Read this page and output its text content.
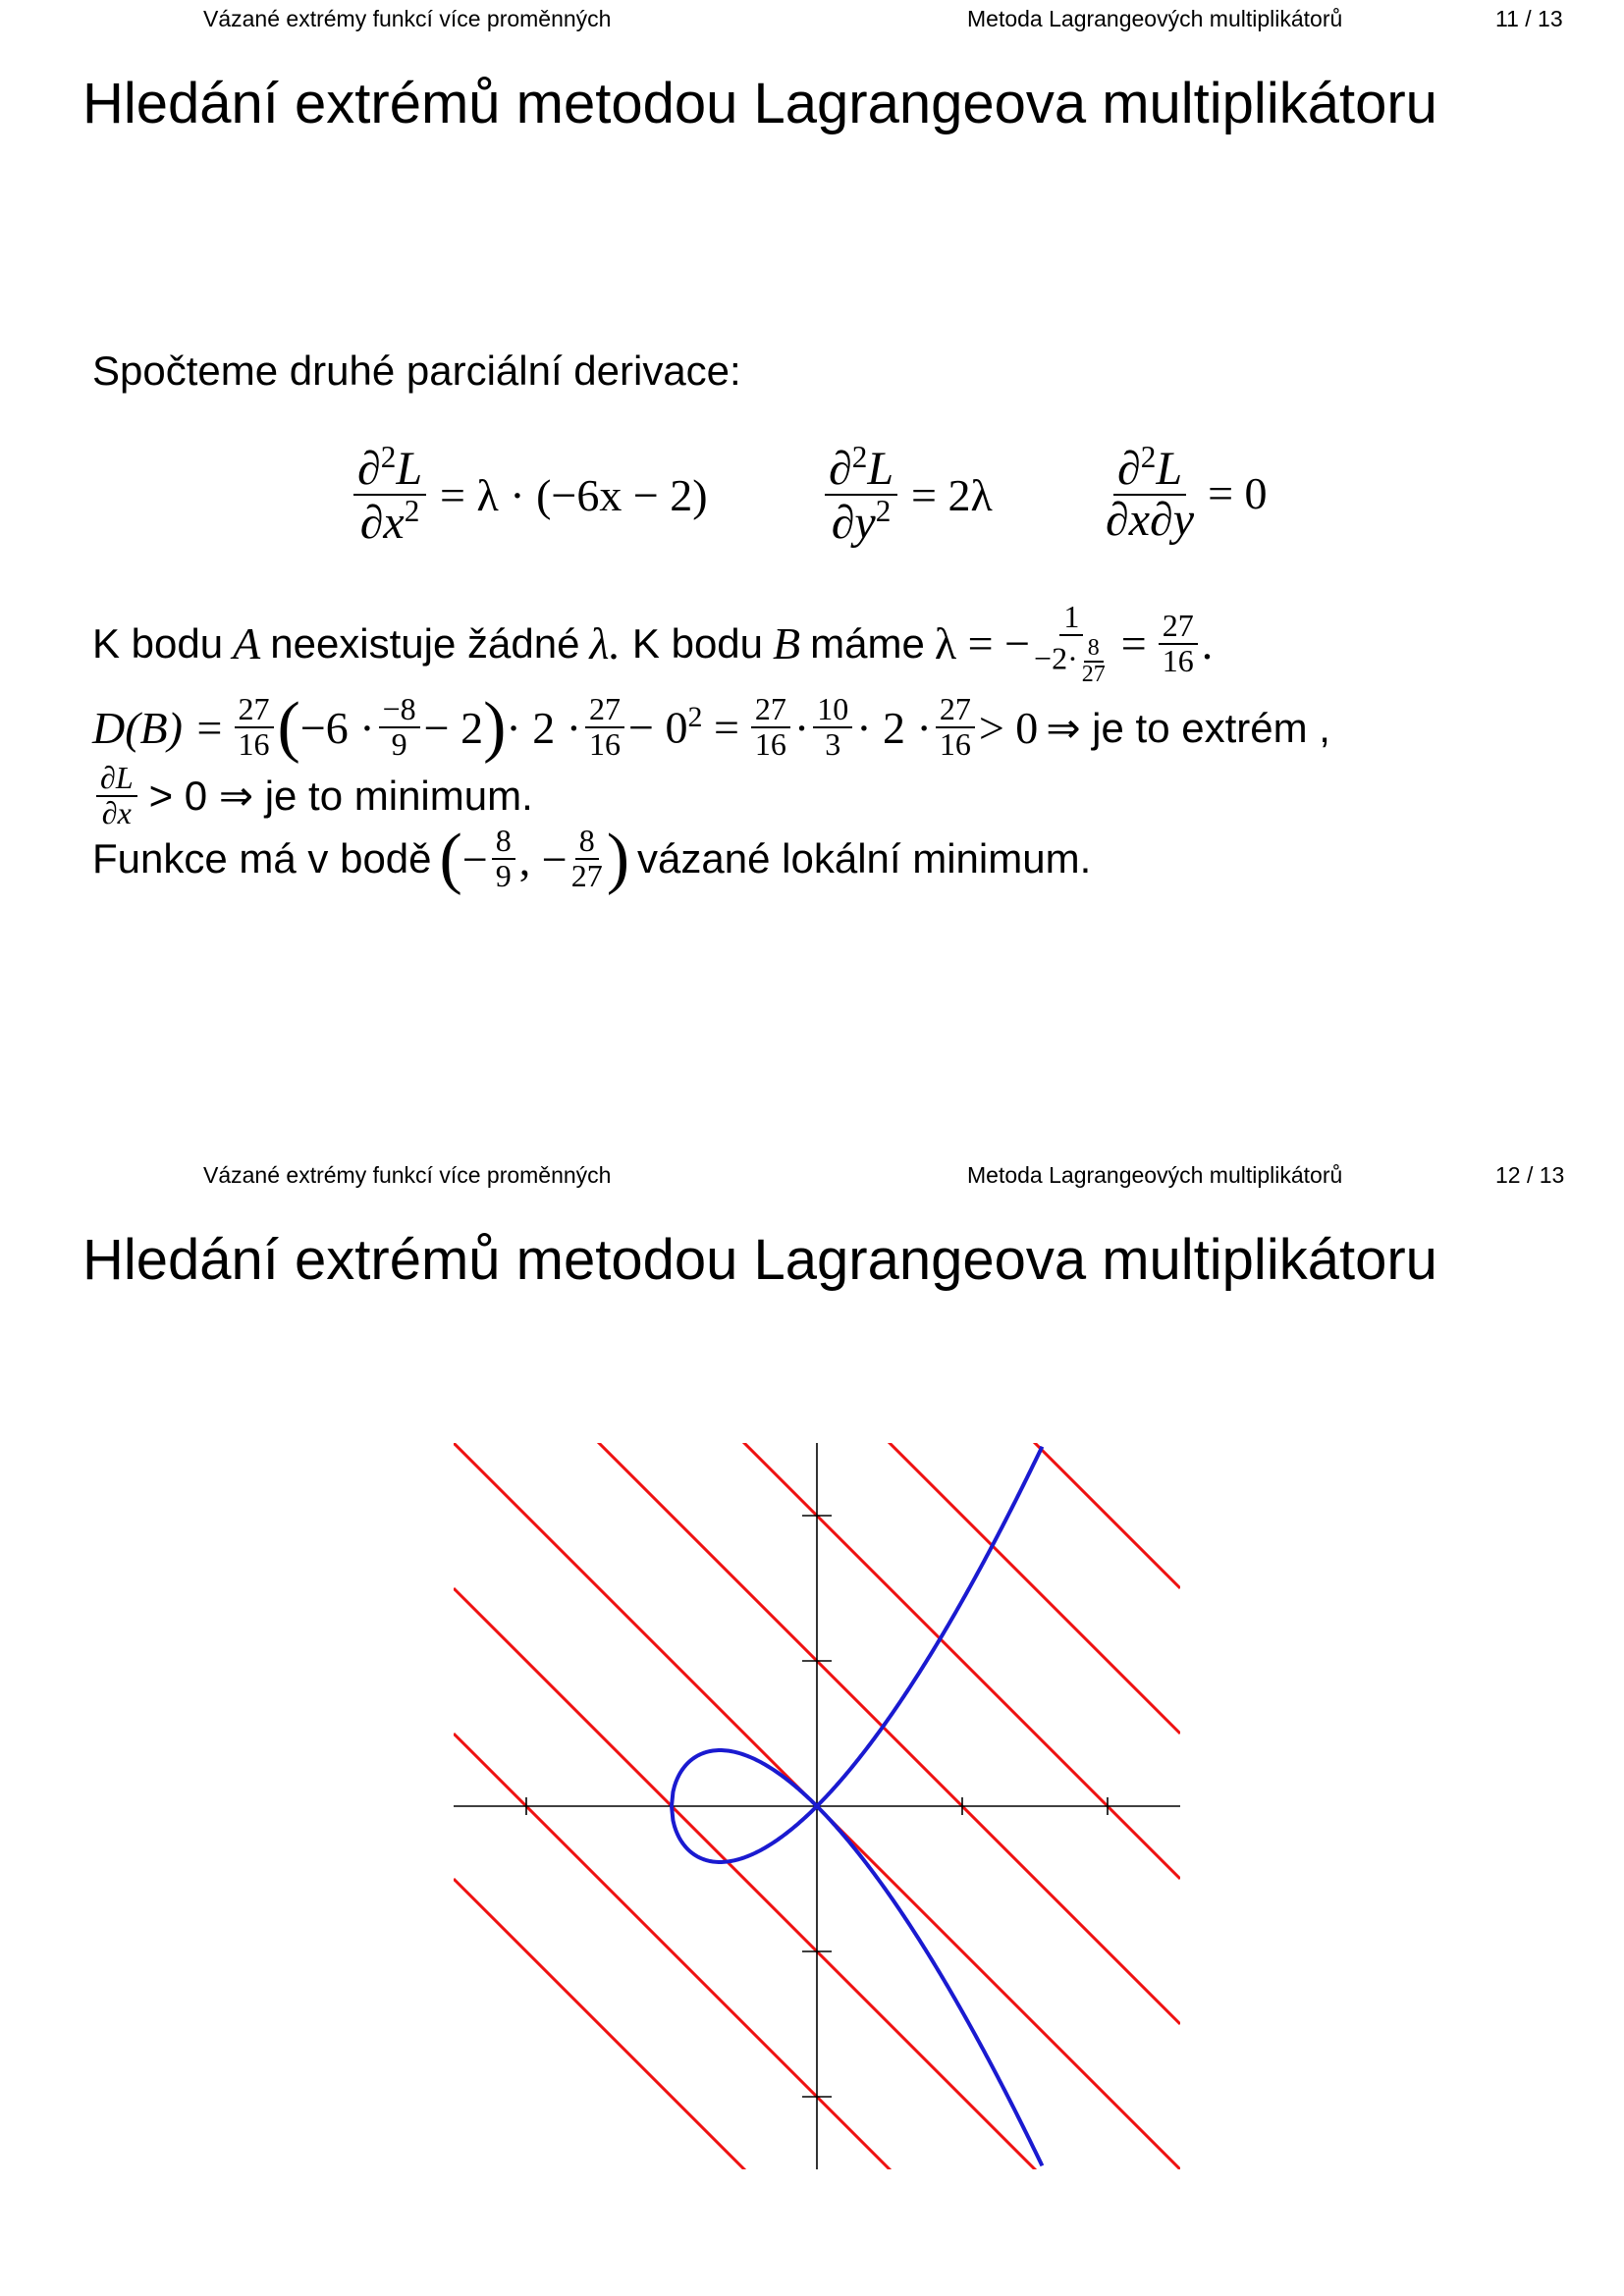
Vázané extrémy funkcí více proměnných	Metoda Lagrangeových multiplikátorů	11 / 13
Hledání extrémů metodou Lagrangeova multiplikátoru
Spočteme druhé parciální derivace:
$\frac{\partial^2L}{\partial x^2} = \lambda \cdot (-6x - 2) \frac{\partial^2L}{\partial y^2} = 2\lambda \frac{\partial^2L}{\partial x\partial y} = 0$
K bodu A neexistuje žádné λ. K bodu B máme λ = − $\frac{1}{-2\cdot \frac{8}{27}} = \frac{27}{16}$ .
$D(B) = \frac{27}{16}$ ( $-6 \cdot \frac{-8}{9} - 2$ ) · $2 \cdot \frac{27}{16} - 0^2 = \frac{27}{16} \cdot \frac{10}{3} \cdot 2 \cdot \frac{27}{16} > 0$ ⇒ je to extrém ,
$\frac{\partial L}{\partial x} > 0$ ⇒ je to minimum.
Funkce má v bodě ( − $\frac{8}{9}$ , − $\frac{8}{27}$ ) vázané lokální minimum.
Vázané extrémy funkcí více proměnných	Metoda Lagrangeových multiplikátorů	12 / 13
Hledání extrémů metodou Lagrangeova multiplikátoru
